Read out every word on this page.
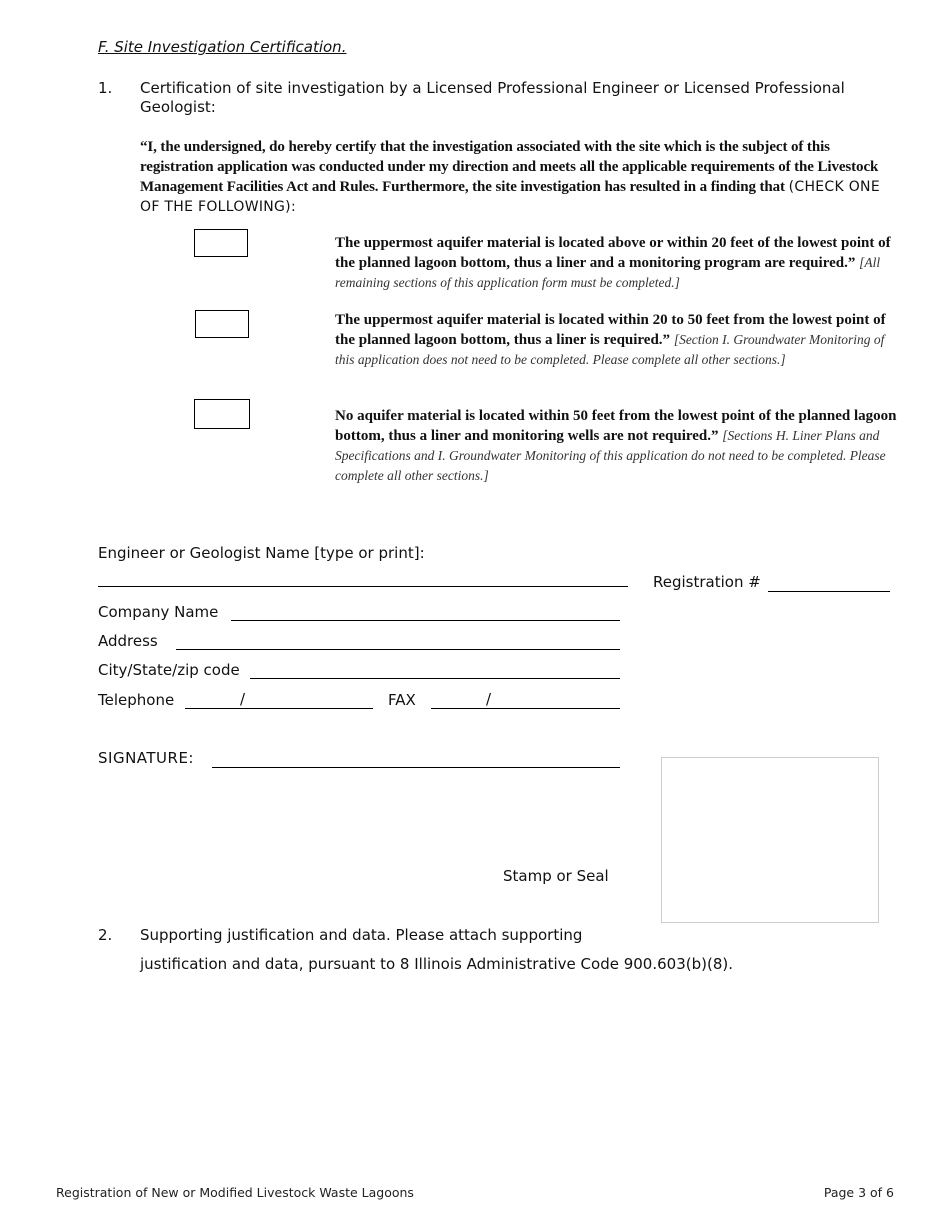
F. Site Investigation Certification.
1. Certification of site investigation by a Licensed Professional Engineer or Licensed Professional Geologist:
“I, the undersigned, do hereby certify that the investigation associated with the site which is the subject of this registration application was conducted under my direction and meets all the applicable requirements of the Livestock Management Facilities Act and Rules. Furthermore, the site investigation has resulted in a finding that (CHECK ONE OF THE FOLLOWING):
The uppermost aquifer material is located above or within 20 feet of the lowest point of the planned lagoon bottom, thus a liner and a monitoring program are required.” [All remaining sections of this application form must be completed.]
The uppermost aquifer material is located within 20 to 50 feet from the lowest point of the planned lagoon bottom, thus a liner is required.” [Section I. Groundwater Monitoring of this application does not need to be completed. Please complete all other sections.]
No aquifer material is located within 50 feet from the lowest point of the planned lagoon bottom, thus a liner and monitoring wells are not required.” [Sections H. Liner Plans and Specifications and I. Groundwater Monitoring of this application do not need to be completed. Please complete all other sections.]
Engineer or Geologist Name [type or print]:
Registration #
Company Name
Address
City/State/zip code
Telephone	/	FAX	/
SIGNATURE:
Stamp or Seal
2. Supporting justification and data. Please attach supporting
justification and data, pursuant to 8 Illinois Administrative Code 900.603(b)(8).
Registration of New or Modified Livestock Waste Lagoons	Page 3 of 6
